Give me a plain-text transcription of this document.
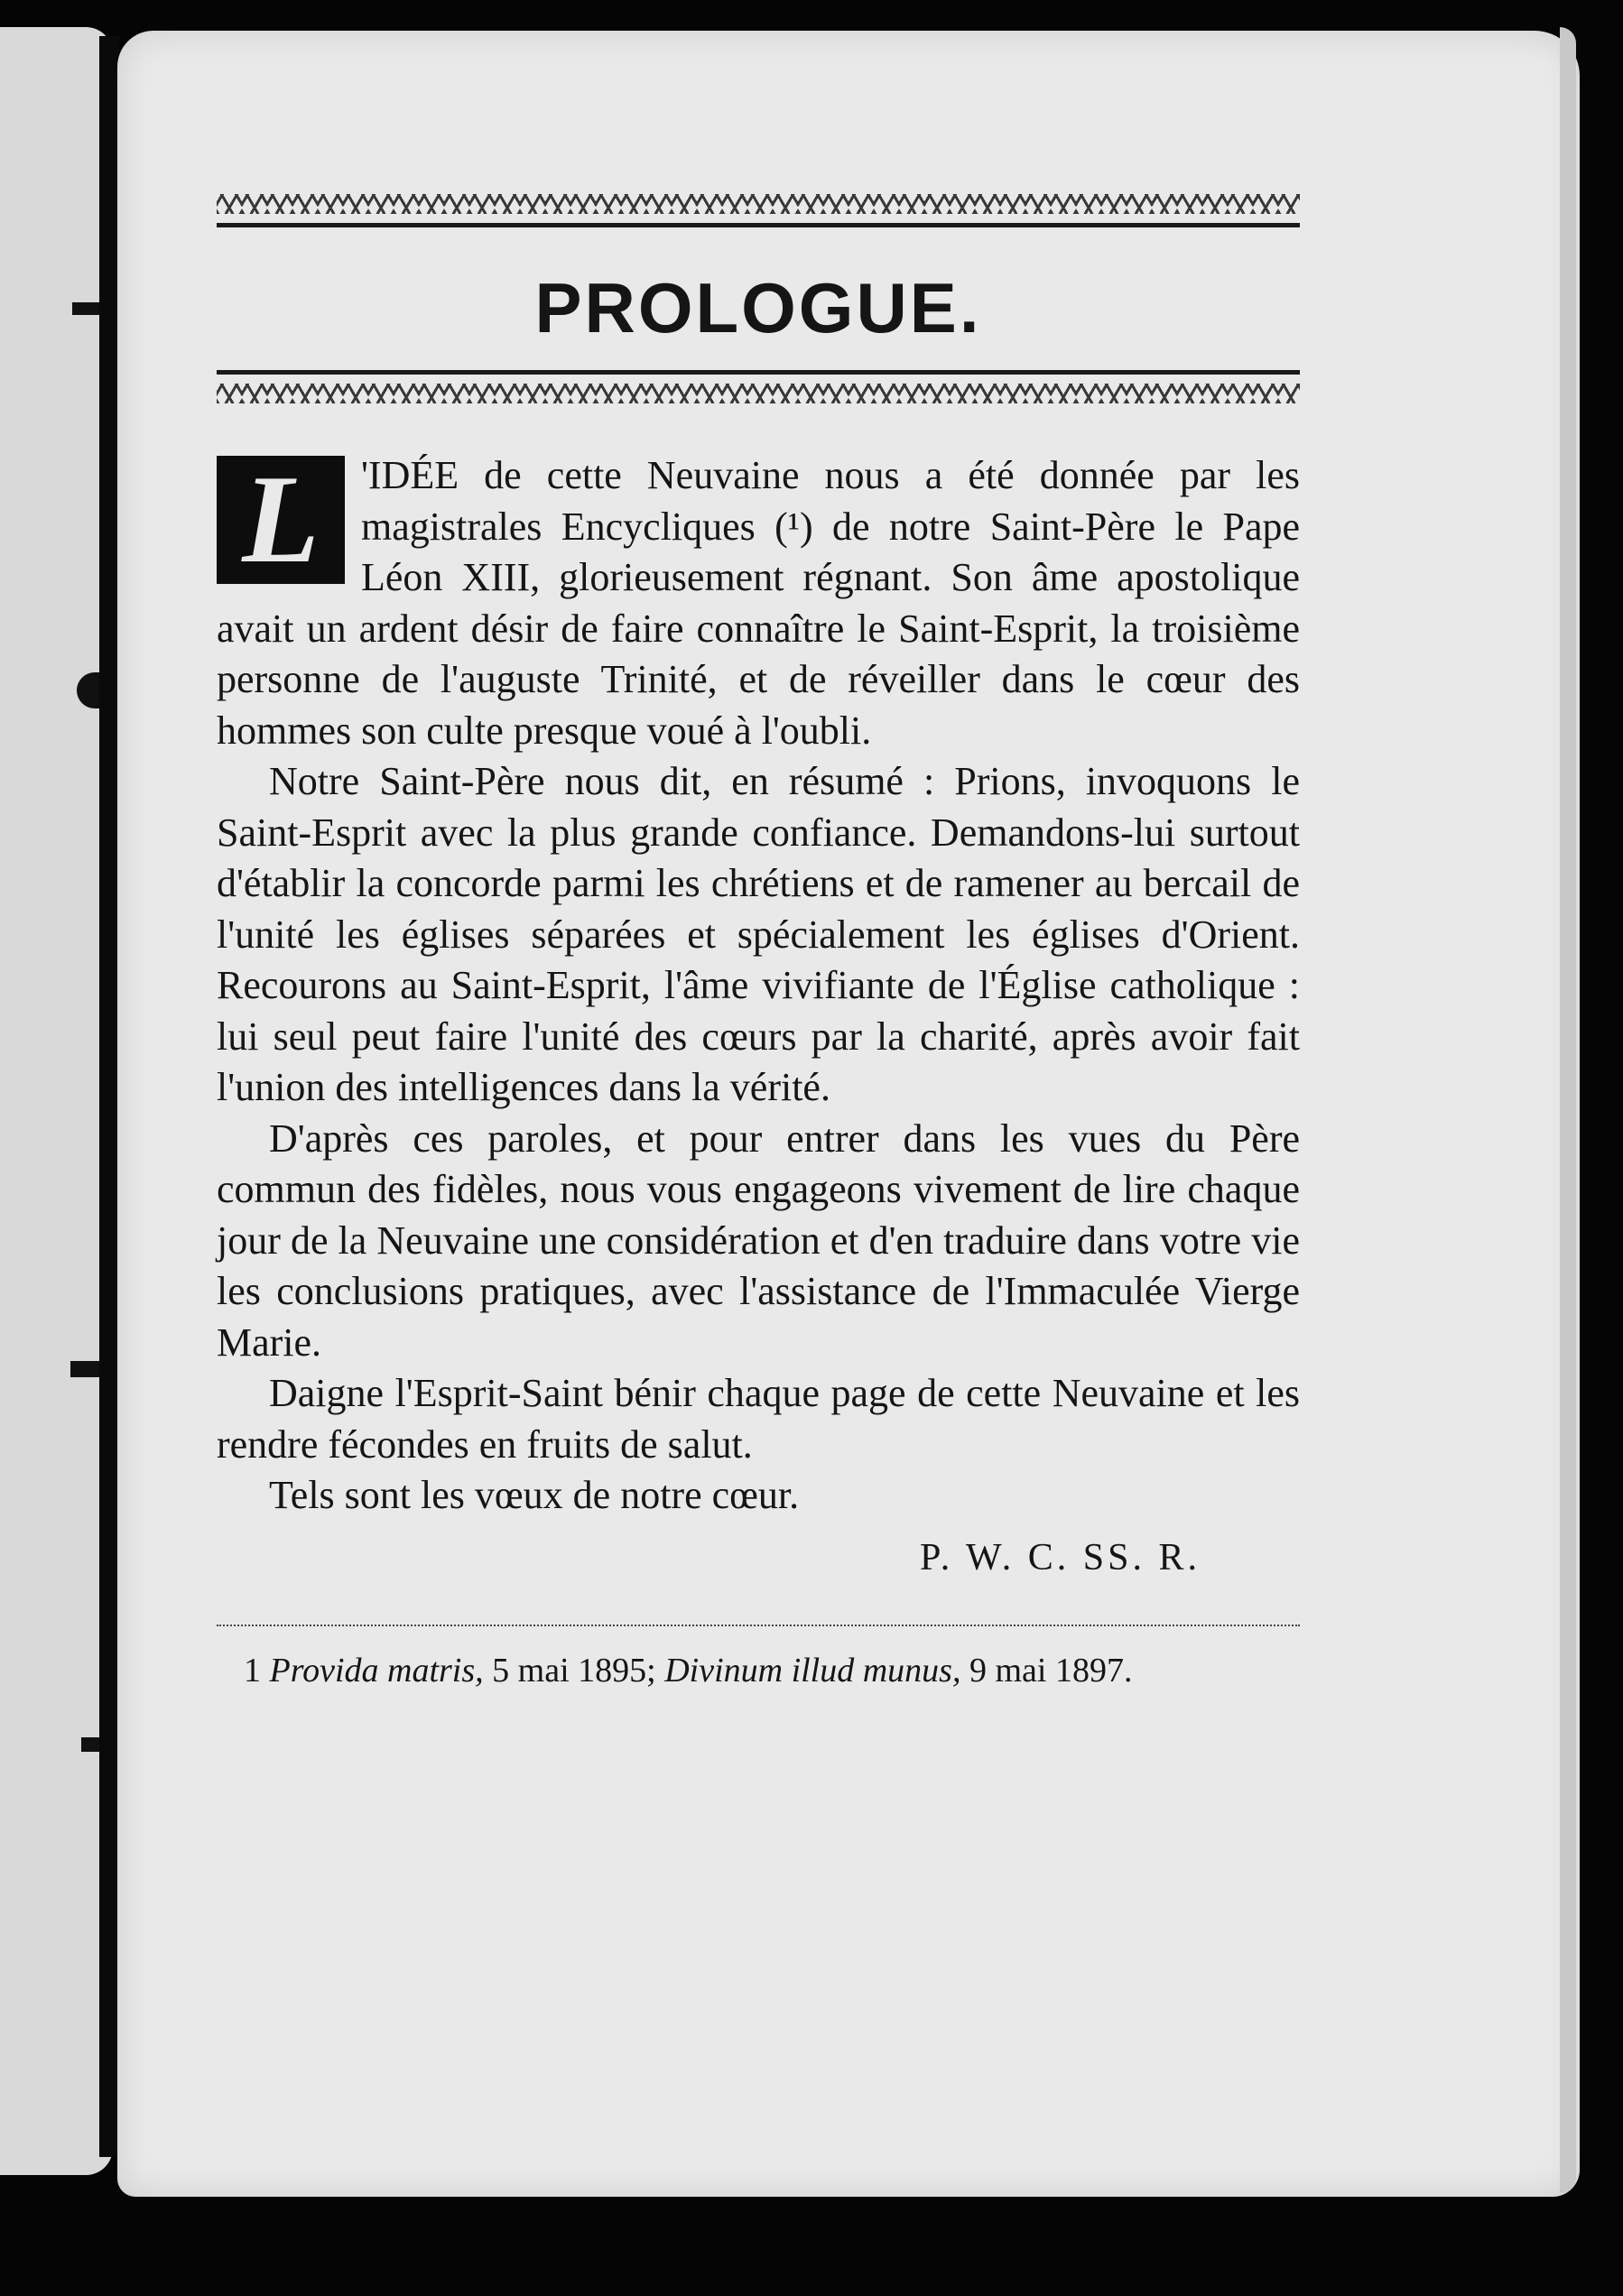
PROLOGUE.
L	'IDÉE de cette Neuvaine nous a été donnée par les magistrales Encycliques (¹) de notre Saint-Père le Pape Léon XIII, glorieusement régnant. Son âme apostolique avait un ardent désir de faire connaître le Saint-Esprit, la troisième personne de l'auguste Trinité, et de réveiller dans le cœur des hommes son culte presque voué à l'oubli.

Notre Saint-Père nous dit, en résumé : Prions, invoquons le Saint-Esprit avec la plus grande confiance. Demandons-lui surtout d'établir la concorde parmi les chrétiens et de ramener au bercail de l'unité les églises séparées et spécialement les églises d'Orient. Recourons au Saint-Esprit, l'âme vivifiante de l'Église catholique : lui seul peut faire l'unité des cœurs par la charité, après avoir fait l'union des intelligences dans la vérité.

D'après ces paroles, et pour entrer dans les vues du Père commun des fidèles, nous vous engageons vivement de lire chaque jour de la Neuvaine une considération et d'en traduire dans votre vie les conclusions pratiques, avec l'assistance de l'Immaculée Vierge Marie.

Daigne l'Esprit-Saint bénir chaque page de cette Neuvaine et les rendre fécondes en fruits de salut.

Tels sont les vœux de notre cœur.

P. W. C. SS. R.
1 Provida matris, 5 mai 1895; Divinum illud munus, 9 mai 1897.
